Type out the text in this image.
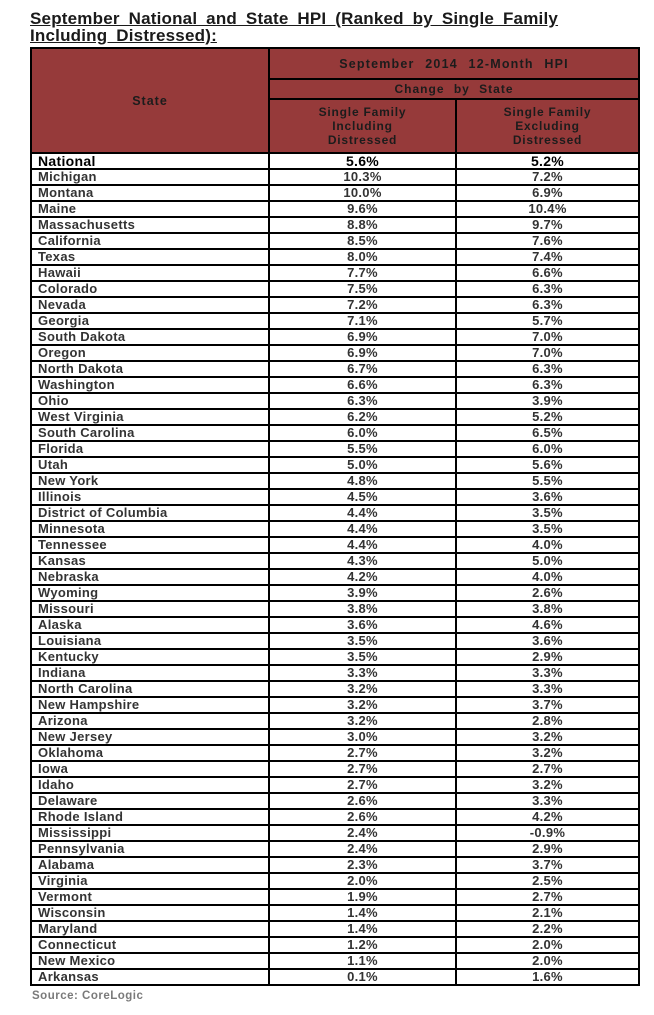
September National and State HPI (Ranked by Single Family Including Distressed):
State	September 2014 12-Month HPI	
	Change by State	
	Single Family Including Distressed	Single Family Excluding Distressed
National	5.6%	5.2%
Michigan	10.3%	7.2%
Montana	10.0%	6.9%
Maine	9.6%	10.4%
Massachusetts	8.8%	9.7%
California	8.5%	7.6%
Texas	8.0%	7.4%
Hawaii	7.7%	6.6%
Colorado	7.5%	6.3%
Nevada	7.2%	6.3%
Georgia	7.1%	5.7%
South Dakota	6.9%	7.0%
Oregon	6.9%	7.0%
North Dakota	6.7%	6.3%
Washington	6.6%	6.3%
Ohio	6.3%	3.9%
West Virginia	6.2%	5.2%
South Carolina	6.0%	6.5%
Florida	5.5%	6.0%
Utah	5.0%	5.6%
New York	4.8%	5.5%
Illinois	4.5%	3.6%
District of Columbia	4.4%	3.5%
Minnesota	4.4%	3.5%
Tennessee	4.4%	4.0%
Kansas	4.3%	5.0%
Nebraska	4.2%	4.0%
Wyoming	3.9%	2.6%
Missouri	3.8%	3.8%
Alaska	3.6%	4.6%
Louisiana	3.5%	3.6%
Kentucky	3.5%	2.9%
Indiana	3.3%	3.3%
North Carolina	3.2%	3.3%
New Hampshire	3.2%	3.7%
Arizona	3.2%	2.8%
New Jersey	3.0%	3.2%
Oklahoma	2.7%	3.2%
Iowa	2.7%	2.7%
Idaho	2.7%	3.2%
Delaware	2.6%	3.3%
Rhode Island	2.6%	4.2%
Mississippi	2.4%	-0.9%
Pennsylvania	2.4%	2.9%
Alabama	2.3%	3.7%
Virginia	2.0%	2.5%
Vermont	1.9%	2.7%
Wisconsin	1.4%	2.1%
Maryland	1.4%	2.2%
Connecticut	1.2%	2.0%
New Mexico	1.1%	2.0%
Arkansas	0.1%	1.6%
Source: CoreLogic
